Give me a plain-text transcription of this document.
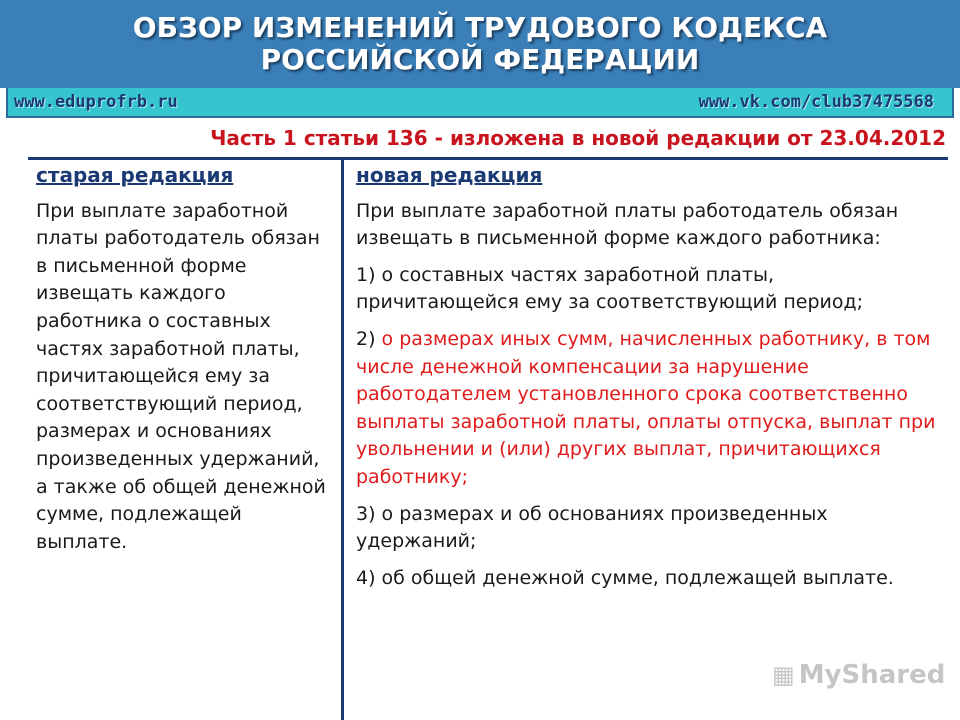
ОБЗОР ИЗМЕНЕНИЙ ТРУДОВОГО КОДЕКСА
РОССИЙСКОЙ ФЕДЕРАЦИИ
www.eduprofrb.ru	www.vk.com/club37475568
Часть 1 статьи 136 - изложена в новой редакции от 23.04.2012
старая редакция
При выплате заработной платы работодатель обязан в письменной форме извещать каждого работника о составных частях заработной платы, причитающейся ему за соответствующий период, размерах и основаниях произведенных удержаний, а также об общей денежной сумме, подлежащей выплате.
новая редакция
При выплате заработной платы работодатель обязан извещать в письменной форме каждого работника:
1) о составных частях заработной платы, причитающейся ему за соответствующий период;
2) о размерах иных сумм, начисленных работнику, в том числе денежной компенсации за нарушение работодателем установленного срока соответственно выплаты заработной платы, оплаты отпуска, выплат при увольнении и (или) других выплат, причитающихся работнику;
3) о размерах и об основаниях произведенных удержаний;
4) об общей денежной сумме, подлежащей выплате.
▦ MyShared
